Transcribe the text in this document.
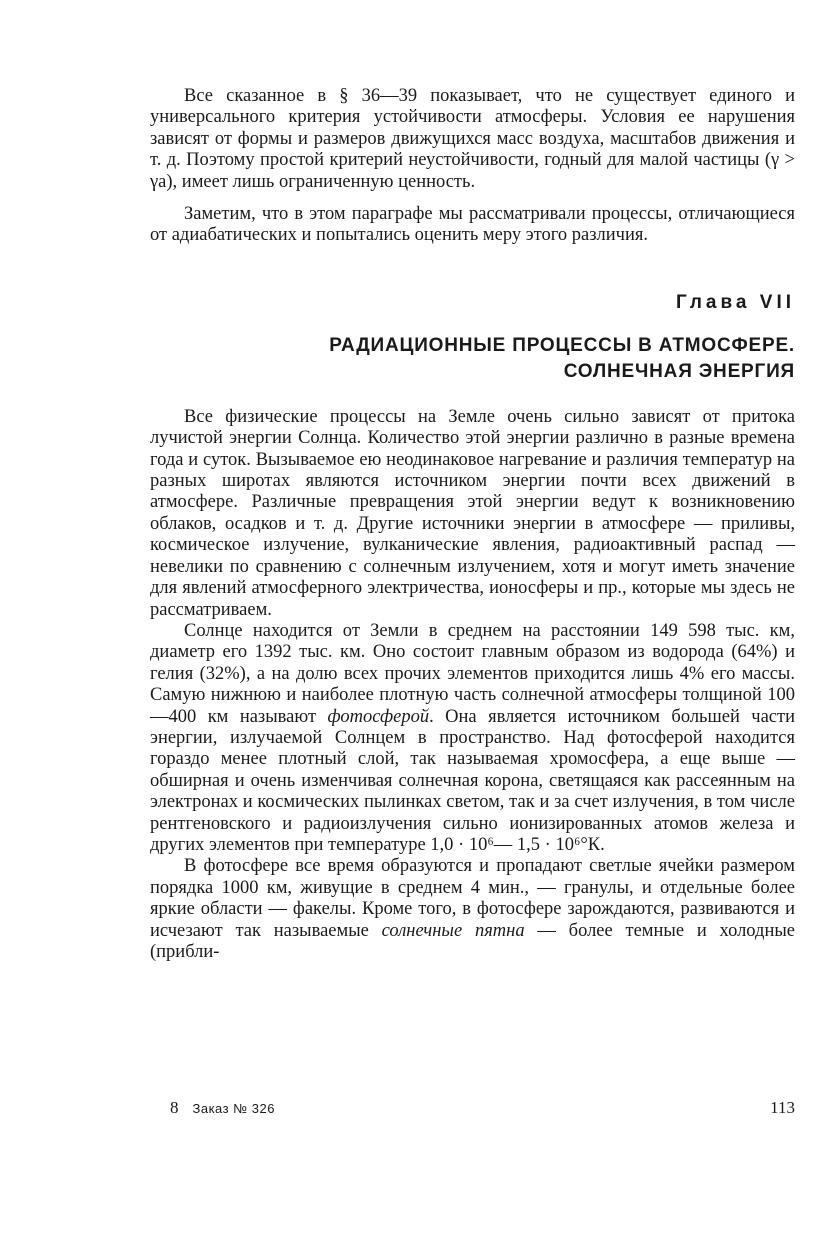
Все сказанное в § 36—39 показывает, что не существует единого и универсального критерия устойчивости атмосферы. Условия ее нарушения зависят от формы и размеров движущихся масс воздуха, масштабов движения и т. д. Поэтому простой критерий неустойчивости, годный для малой частицы (γ > γa), имеет лишь ограниченную ценность.

Заметим, что в этом параграфе мы рассматривали процессы, отличающиеся от адиабатических и попытались оценить меру этого различия.

Глава VII
РАДИАЦИОННЫЕ ПРОЦЕССЫ В АТМОСФЕРЕ.
СОЛНЕЧНАЯ ЭНЕРГИЯ

Все физические процессы на Земле очень сильно зависят от притока лучистой энергии Солнца. Количество этой энергии различно в разные времена года и суток. Вызываемое ею неодинаковое нагревание и различия температур на разных широтах являются источником энергии почти всех движений в атмосфере. Различные превращения этой энергии ведут к возникновению облаков, осадков и т. д. Другие источники энергии в атмосфере — приливы, космическое излучение, вулканические явления, радиоактивный распад — невелики по сравнению с солнечным излучением, хотя и могут иметь значение для явлений атмосферного электричества, ионосферы и пр., которые мы здесь не рассматриваем.

Солнце находится от Земли в среднем на расстоянии 149 598 тыс. км, диаметр его 1392 тыс. км. Оно состоит главным образом из водорода (64%) и гелия (32%), а на долю всех прочих элементов приходится лишь 4% его массы. Самую нижнюю и наиболее плотную часть солнечной атмосферы толщиной 100—400 км называют фотосферой. Она является источником большей части энергии, излучаемой Солнцем в пространство. Над фотосферой находится гораздо менее плотный слой, так называемая хромосфера, а еще выше — обширная и очень изменчивая солнечная корона, светящаяся как рассеянным на электронах и космических пылинках светом, так и за счет излучения, в том числе рентгеновского и радиоизлучения сильно ионизированных атомов железа и других элементов при температуре 1,0 · 10⁶— 1,5 · 10⁶°К.

В фотосфере все время образуются и пропадают светлые ячейки размером порядка 1000 км, живущие в среднем 4 мин., — гранулы, и отдельные более яркие области — факелы. Кроме того, в фотосфере зарождаются, развиваются и исчезают так называемые солнечные пятна — более темные и холодные (прибли-

8 Заказ № 326	113
